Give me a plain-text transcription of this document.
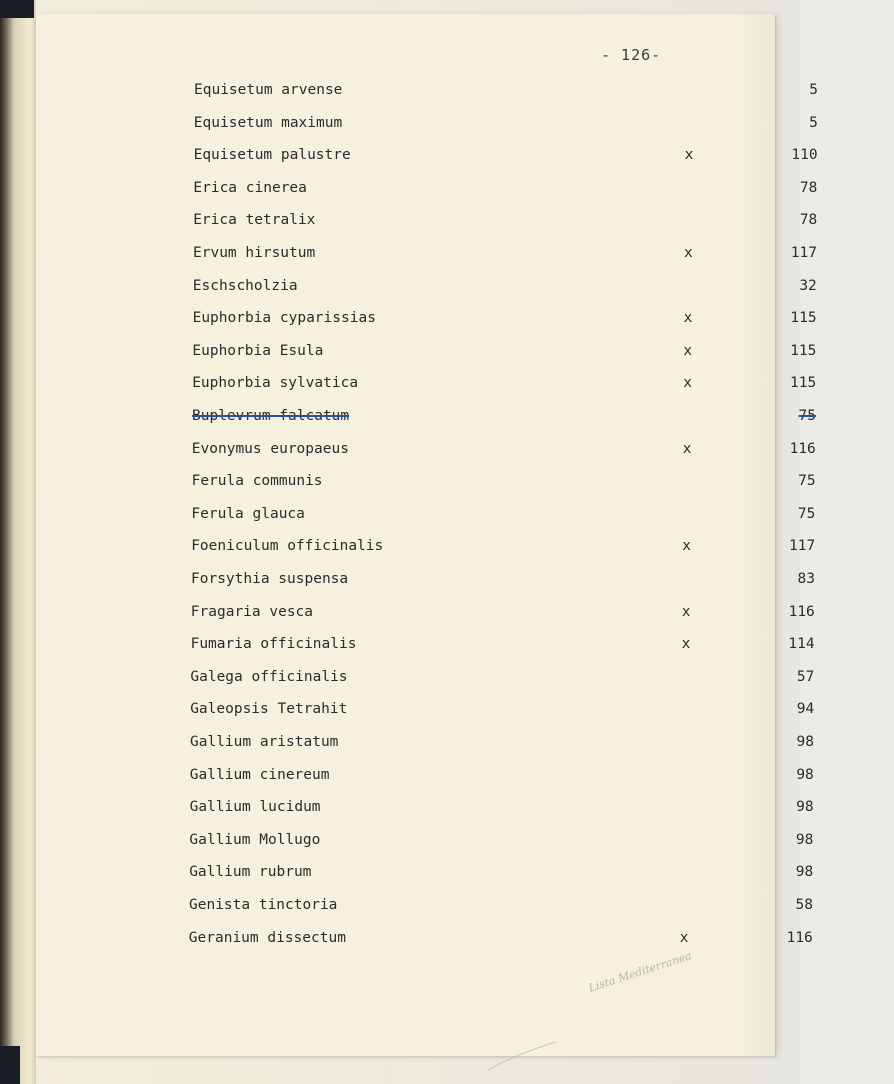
- 126-
Equisetum arvense	5
Equisetum maximum	5
Equisetum palustre	x	110
Erica cinerea	78
Erica tetralix	78
Ervum hirsutum	x	117
Eschscholzia	32
Euphorbia cyparissias	x	115
Euphorbia Esula	x	115
Euphorbia sylvatica	x	115
Buplevrum falcatum	75
Evonymus europaeus	x	116
Ferula communis	75
Ferula glauca	75
Foeniculum officinalis	x	117
Forsythia suspensa	83
Fragaria vesca	x	116
Fumaria officinalis	x	114
Galega officinalis	57
Galeopsis Tetrahit	94
Gallium aristatum	98
Gallium cinereum	98
Gallium lucidum	98
Gallium Mollugo	98
Gallium rubrum	98
Genista tinctoria	58
Geranium dissectum	x	116
Lista Mediterranea
